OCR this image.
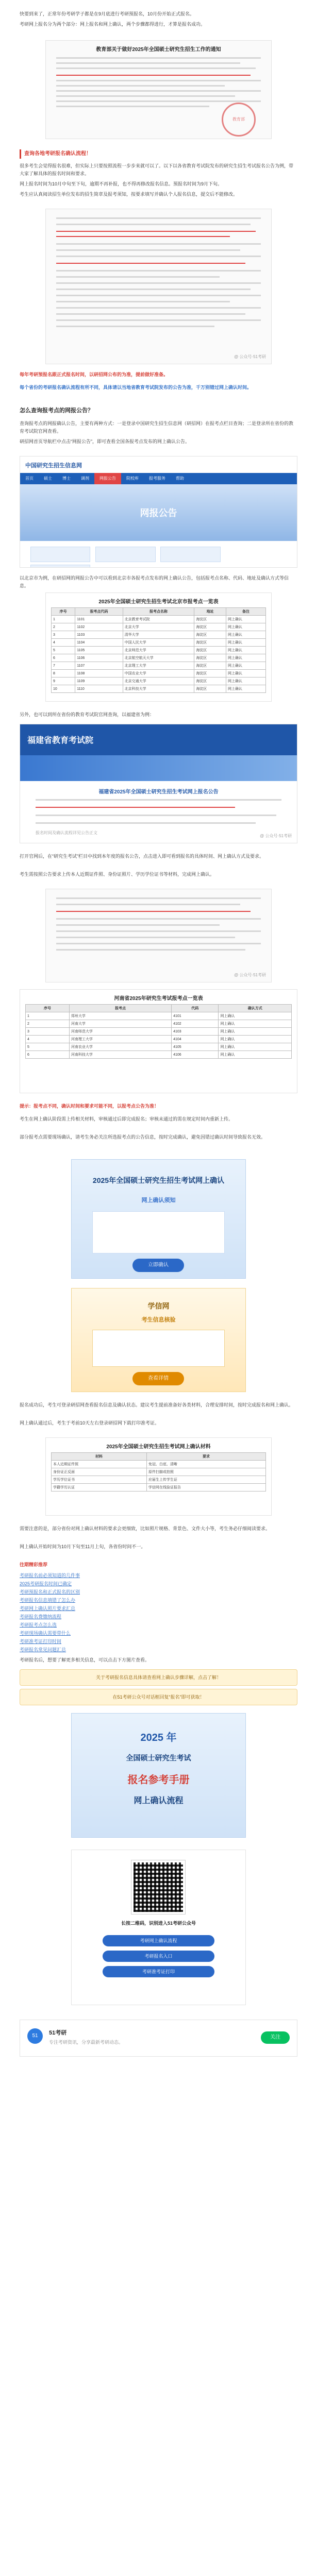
快要到来了，正常年份考研学子都是在9月底进行考研预报名，10月份开始正式报名。
考研网上报名分为两个部分：网上报名和网上确认，两个步骤都得进行，才算是报名成功。
教育部关于做好2025年全国硕士研究生招生工作的通知
教育部
查询各地考研报名确认流程！
很多考生会觉得报名很难，但实际上只要按照流程一步步来就可以了。以下以各省教育考试院发布的研究生招生考试报名公告为例，带大家了解具体的报名时间和要求。
网上报名时间为10月中旬至下旬，逾期不再补报，也不得再修改报名信息。预报名时间为9月下旬。
考生应认真阅读招生单位发布的招生简章及报考须知，按要求填写并确认个人报名信息，提交后不能修改。
@ 公众号·51考研
每年考研预报名跟正式报名时间，以研招网公布的为准，提前做好准备。
每个省份的考研报名确认流程有所不同，具体请以当地省教育考试院发布的公告为准，千万别错过网上确认时间。
怎么查询报考点的网报公告？
查询报考点的网报确认公告，主要有两种方式：一是登录中国研究生招生信息网（研招网）在报考点栏目查询；二是登录所在省份的教育考试院官网查看。
研招网首页导航栏中点击“网报公告”，即可查看全国各报考点发布的网上确认公告。
中国研究生招生信息网
首页	硕士	博士	调剂	网报公告	院校库	报考服务	帮助
网报公告
以北京市为例，在研招网的网报公告中可以看到北京市各报考点发布的网上确认公告，包括报考点名称、代码、地址及确认方式等信息。
2025年全国硕士研究生招生考试北京市报考点一览表
序号	报考点代码	报考点名称	地址	备注
1	1101	北京教育考试院	海淀区	网上确认
2	1102	北京大学	海淀区	网上确认
3	1103	清华大学	海淀区	网上确认
4	1104	中国人民大学	海淀区	网上确认
5	1105	北京师范大学	海淀区	网上确认
6	1106	北京航空航天大学	海淀区	网上确认
7	1107	北京理工大学	海淀区	网上确认
8	1108	中国农业大学	海淀区	网上确认
9	1109	北京交通大学	海淀区	网上确认
10	1110	北京科技大学	海淀区	网上确认
另外，也可以到所在省份的教育考试院官网查询，以福建省为例：
福建省教育考试院
福建省2025年全国硕士研究生招生考试网上报名公告
报名时间及确认流程详见公告正文
@ 公众号·51考研
打开官网后，在“研究生考试”栏目中找到本年度的报名公告，点击进入即可看到报名的具体时间、网上确认方式及要求。
考生需按照公告要求上传本人近期证件照、身份证照片、学历学位证书等材料，完成网上确认。
@ 公众号·51考研
河南省2025年研究生考试报考点一览表
序号	报考点	代码	确认方式
1	郑州大学	4101	网上确认
2	河南大学	4102	网上确认
3	河南师范大学	4103	网上确认
4	河南理工大学	4104	网上确认
5	河南农业大学	4105	网上确认
6	河南科技大学	4106	网上确认
提示：报考点不同，确认时间和要求可能不同，以报考点公告为准！
考生在网上确认阶段需上传相关材料，审核通过后即完成报名；审核未通过的需在规定时间内重新上传。
部分报考点需要现场确认，请考生务必关注所选报考点的公告信息，按时完成确认，避免因错过确认时间导致报名无效。
2025年全国硕士研究生招生考试网上确认
网上确认须知
立即确认
学信网
考生信息核验
查看详情
报名成功后，考生可登录研招网查看报名信息及确认状态。建议考生提前准备好各类材料，合理安排时间，按时完成报名和网上确认。
网上确认通过后，考生于考前10天左右登录研招网下载打印准考证。
2025年全国硕士研究生招生考试网上确认材料
材料	要求
本人近期证件照	免冠、白底、清晰
身份证正反面	原件扫描或拍照
学历学位证书	应届生上传学生证
学籍学历认证	学信网在线验证报告
需要注意的是，部分省份对网上确认材料的要求会更细致，比如照片规格、背景色、文件大小等，考生务必仔细阅读要求。
网上确认开始时间为10月下旬至11月上旬，各省份时间不一。
往期精彩推荐
考研报名前必须知道的几件事
2025考研报名时间已确定
考研预报名和正式报名的区别
考研报名信息填错了怎么办
考研网上确认照片要求汇总
考研报名费缴纳流程
考研报考点怎么选
考研现场确认需要带什么
考研准考证打印时间
考研报名常见问题汇总
考研报名后，想要了解更多相关信息，可以点击下方图片查看。
关于考研报名信息具体请查看网上确认步骤详解，点击了解！
在51考研公众号对话框回复“报名”即可获取！
2025 年
全国硕士研究生考试
报名参考手册
网上确认流程
长按二维码，识别进入51考研公众号
考研网上确认流程
考研报名入口
考研准考证打印
51	51考研
专注考研资讯，分享最新考研动态。
关注
